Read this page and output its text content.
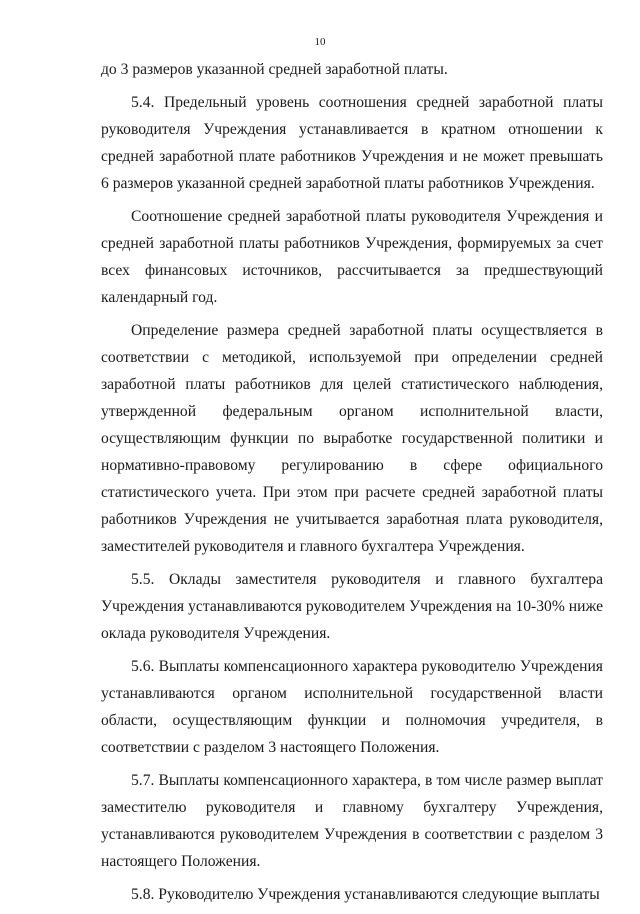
10

до 3 размеров указанной средней заработной платы.

5.4. Предельный уровень соотношения средней заработной платы руководителя Учреждения устанавливается в кратном отношении к средней заработной плате работников Учреждения и не может превышать 6 размеров указанной средней заработной платы работников Учреждения.

Соотношение средней заработной платы руководителя Учреждения и средней заработной платы работников Учреждения, формируемых за счет всех финансовых источников, рассчитывается за предшествующий календарный год.

Определение размера средней заработной платы осуществляется в соответствии с методикой, используемой при определении средней заработной платы работников для целей статистического наблюдения, утвержденной федеральным органом исполнительной власти, осуществляющим функции по выработке государственной политики и нормативно-правовому регулированию в сфере официального статистического учета. При этом при расчете средней заработной платы работников Учреждения не учитывается заработная плата руководителя, заместителей руководителя и главного бухгалтера Учреждения.

5.5. Оклады заместителя руководителя и главного бухгалтера Учреждения устанавливаются руководителем Учреждения на 10-30% ниже оклада руководителя Учреждения.

5.6. Выплаты компенсационного характера руководителю Учреждения устанавливаются органом исполнительной государственной власти области, осуществляющим функции и полномочия учредителя, в соответствии с разделом 3 настоящего Положения.

5.7. Выплаты компенсационного характера, в том числе размер выплат заместителю руководителя и главному бухгалтеру Учреждения, устанавливаются руководителем Учреждения в соответствии с разделом 3 настоящего Положения.

5.8. Руководителю Учреждения устанавливаются следующие выплаты
